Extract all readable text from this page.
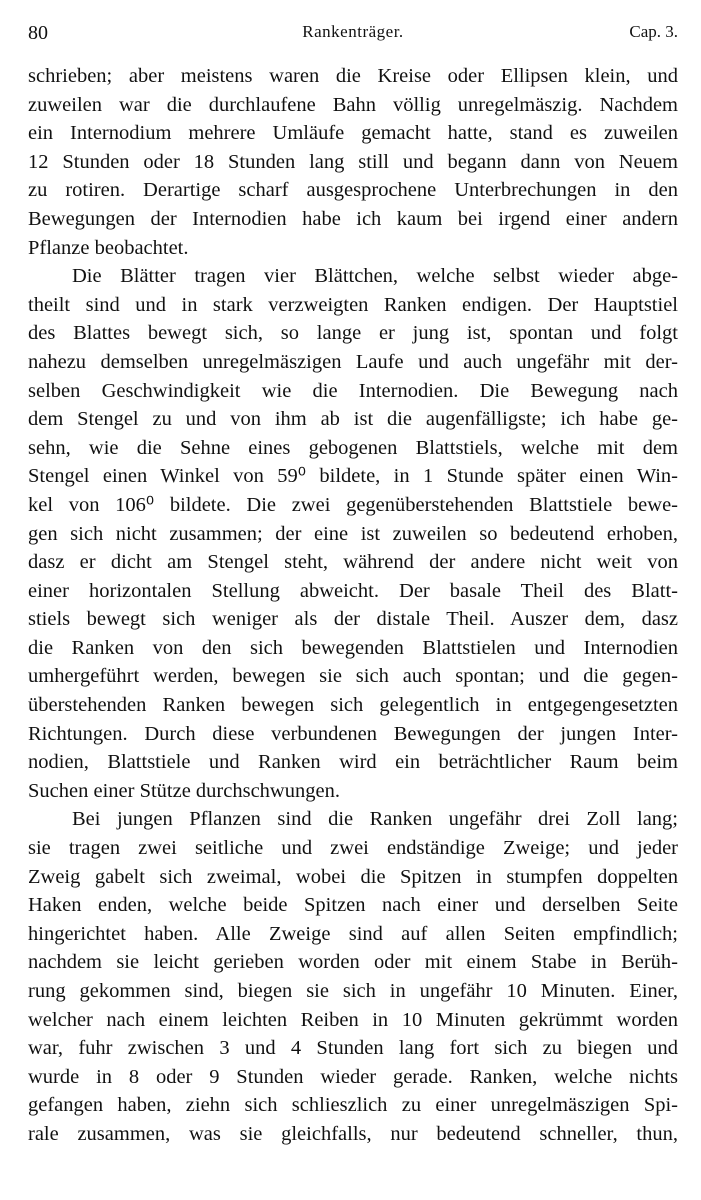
80	Rankenträger.	Cap. 3.
schrieben; aber meistens waren die Kreise oder Ellipsen klein, und
zuweilen war die durchlaufene Bahn völlig unregelmäszig. Nachdem
ein Internodium mehrere Umläufe gemacht hatte, stand es zuweilen
12 Stunden oder 18 Stunden lang still und begann dann von Neuem
zu rotiren. Derartige scharf ausgesprochene Unterbrechungen in den
Bewegungen der Internodien habe ich kaum bei irgend einer andern
Pflanze beobachtet.
Die Blätter tragen vier Blättchen, welche selbst wieder abge-
theilt sind und in stark verzweigten Ranken endigen. Der Hauptstiel
des Blattes bewegt sich, so lange er jung ist, spontan und folgt
nahezu demselben unregelmäszigen Laufe und auch ungefähr mit der-
selben Geschwindigkeit wie die Internodien. Die Bewegung nach
dem Stengel zu und von ihm ab ist die augenfälligste; ich habe ge-
sehn, wie die Sehne eines gebogenen Blattstiels, welche mit dem
Stengel einen Winkel von 59⁰ bildete, in 1 Stunde später einen Win-
kel von 106⁰ bildete. Die zwei gegenüberstehenden Blattstiele bewe-
gen sich nicht zusammen; der eine ist zuweilen so bedeutend erhoben,
dasz er dicht am Stengel steht, während der andere nicht weit von
einer horizontalen Stellung abweicht. Der basale Theil des Blatt-
stiels bewegt sich weniger als der distale Theil. Auszer dem, dasz
die Ranken von den sich bewegenden Blattstielen und Internodien
umhergeführt werden, bewegen sie sich auch spontan; und die gegen-
überstehenden Ranken bewegen sich gelegentlich in entgegengesetzten
Richtungen. Durch diese verbundenen Bewegungen der jungen Inter-
nodien, Blattstiele und Ranken wird ein beträchtlicher Raum beim
Suchen einer Stütze durchschwungen.
Bei jungen Pflanzen sind die Ranken ungefähr drei Zoll lang;
sie tragen zwei seitliche und zwei endständige Zweige; und jeder
Zweig gabelt sich zweimal, wobei die Spitzen in stumpfen doppelten
Haken enden, welche beide Spitzen nach einer und derselben Seite
hingerichtet haben. Alle Zweige sind auf allen Seiten empfindlich;
nachdem sie leicht gerieben worden oder mit einem Stabe in Berüh-
rung gekommen sind, biegen sie sich in ungefähr 10 Minuten. Einer,
welcher nach einem leichten Reiben in 10 Minuten gekrümmt worden
war, fuhr zwischen 3 und 4 Stunden lang fort sich zu biegen und
wurde in 8 oder 9 Stunden wieder gerade. Ranken, welche nichts
gefangen haben, ziehn sich schlieszlich zu einer unregelmäszigen Spi-
rale zusammen, was sie gleichfalls, nur bedeutend schneller, thun,
